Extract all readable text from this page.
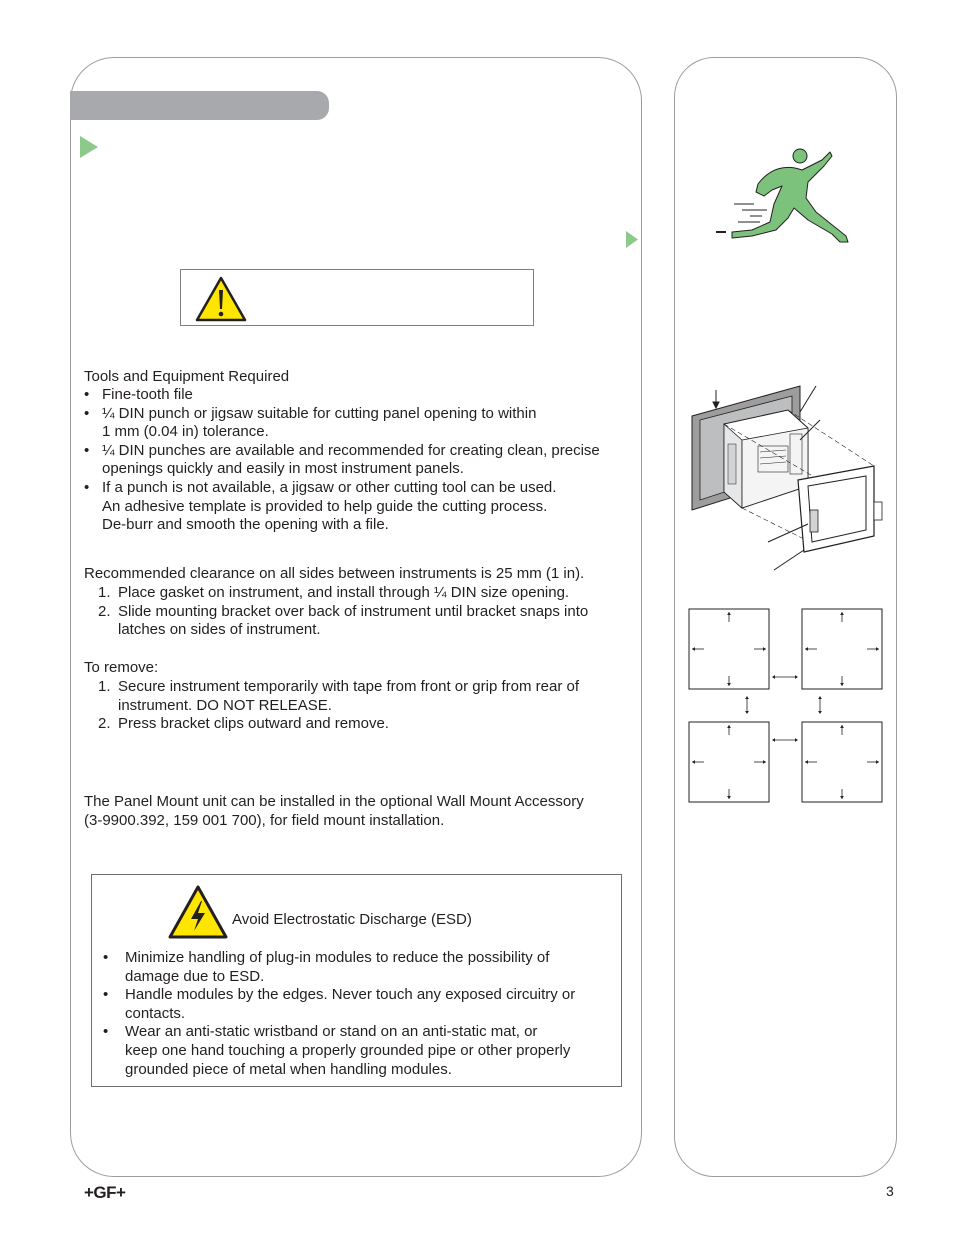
Tools and Equipment Required
• Fine-tooth file
• ¼ DIN punch or jigsaw suitable for cutting panel opening to within
1 mm (0.04 in) tolerance.
• ¼ DIN punches are available and recommended for creating clean, precise
openings quickly and easily in most instrument panels.
• If a punch is not available, a jigsaw or other cutting tool can be used.
An adhesive template is provided to help guide the cutting process.
De-burr and smooth the opening with a file.
Recommended clearance on all sides between instruments is 25 mm (1 in).
1. Place gasket on instrument, and install through ¼ DIN size opening.
2. Slide mounting bracket over back of instrument until bracket snaps into
latches on sides of instrument.
To remove:
1. Secure instrument temporarily with tape from front or grip from rear of
instrument. DO NOT RELEASE.
2. Press bracket clips outward and remove.
The Panel Mount unit can be installed in the optional Wall Mount Accessory
(3-9900.392, 159 001 700), for field mount installation.
Avoid Electrostatic Discharge (ESD)
• Minimize handling of plug-in modules to reduce the possibility of
damage due to ESD.
• Handle modules by the edges. Never touch any exposed circuitry or
contacts.
• Wear an anti-static wristband or stand on an anti-static mat, or
keep one hand touching a properly grounded pipe or other properly
grounded piece of metal when handling modules.
+GF+	3
